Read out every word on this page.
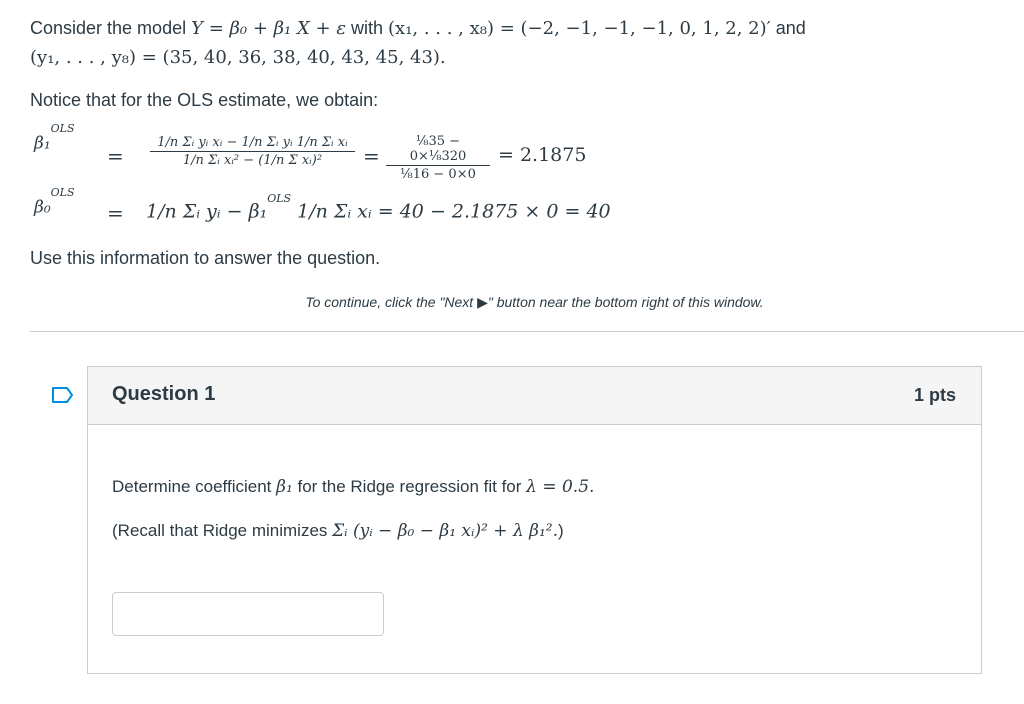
Consider the model Y = β₀ + β₁ X + ε with (x₁, . . . , x₈) = (−2, −1, −1, −1, 0, 1, 2, 2)′ and

(y₁, . . . , y₈) = (35, 40, 36, 38, 40, 43, 45, 43).

Notice that for the OLS estimate, we obtain:
β₁$^{OLS}$
= $\frac{\text{1/n Σᵢ yᵢ xᵢ − 1/n Σᵢ yᵢ 1/n Σᵢ xᵢ}}{\text{1/n Σᵢ xᵢ² − (1/n Σ xᵢ)²}} = \frac{\text{⅛35 − 0×⅛320}}{\text{⅛16 − 0×0}} = 2.1875$
β₀$^{OLS}$
= 1/n Σᵢ yᵢ − β₁$^{OLS}$ 1/n Σᵢ xᵢ = 40 − 2.1875 × 0 = 40
Use this information to answer the question.
To continue, click the "Next ▶" button near the bottom right of this window.
Question 1	1 pts
Determine coefficient β₁ for the Ridge regression fit for λ = 0.5.
(Recall that Ridge minimizes Σᵢ (yᵢ − β₀ − β₁ xᵢ)² + λ β₁².)
